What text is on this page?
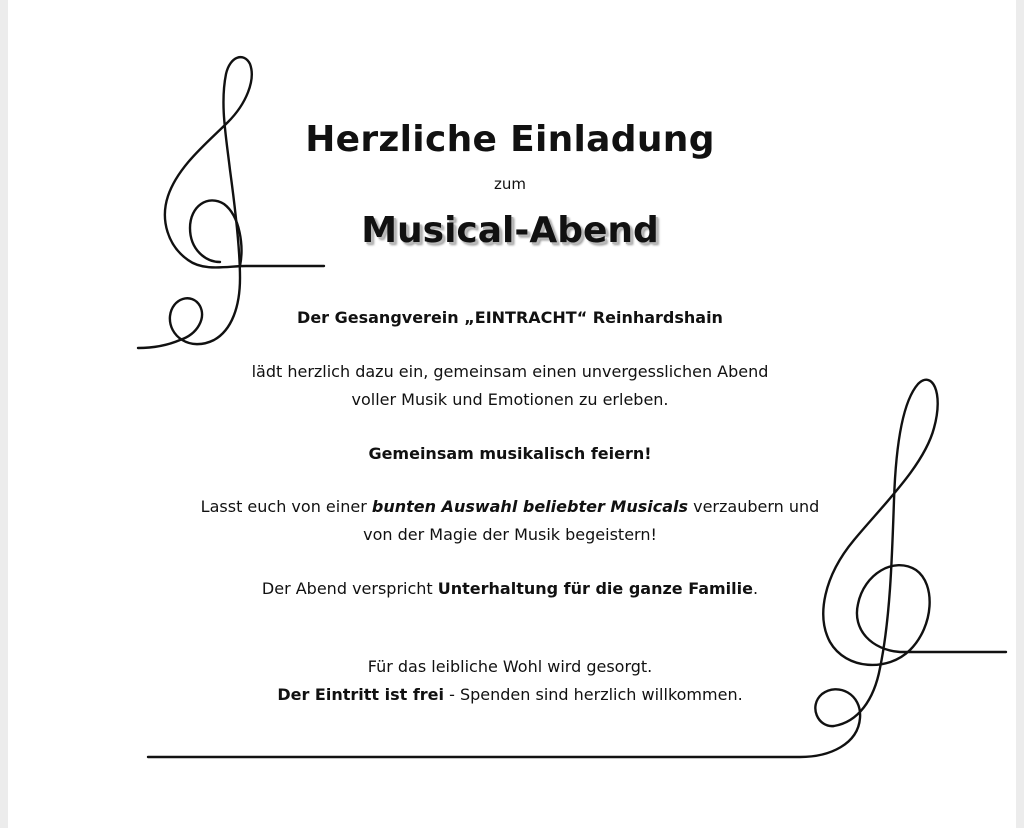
Herzliche Einladung
zum
Musical-Abend
Der Gesangverein „EINTRACHT“ Reinhardshain
lädt herzlich dazu ein, gemeinsam einen unvergesslichen Abend
voller Musik und Emotionen zu erleben.
Gemeinsam musikalisch feiern!
Lasst euch von einer bunten Auswahl beliebter Musicals verzaubern und
von der Magie der Musik begeistern!
Der Abend verspricht Unterhaltung für die ganze Familie.
Für das leibliche Wohl wird gesorgt.
Der Eintritt ist frei - Spenden sind herzlich willkommen.
